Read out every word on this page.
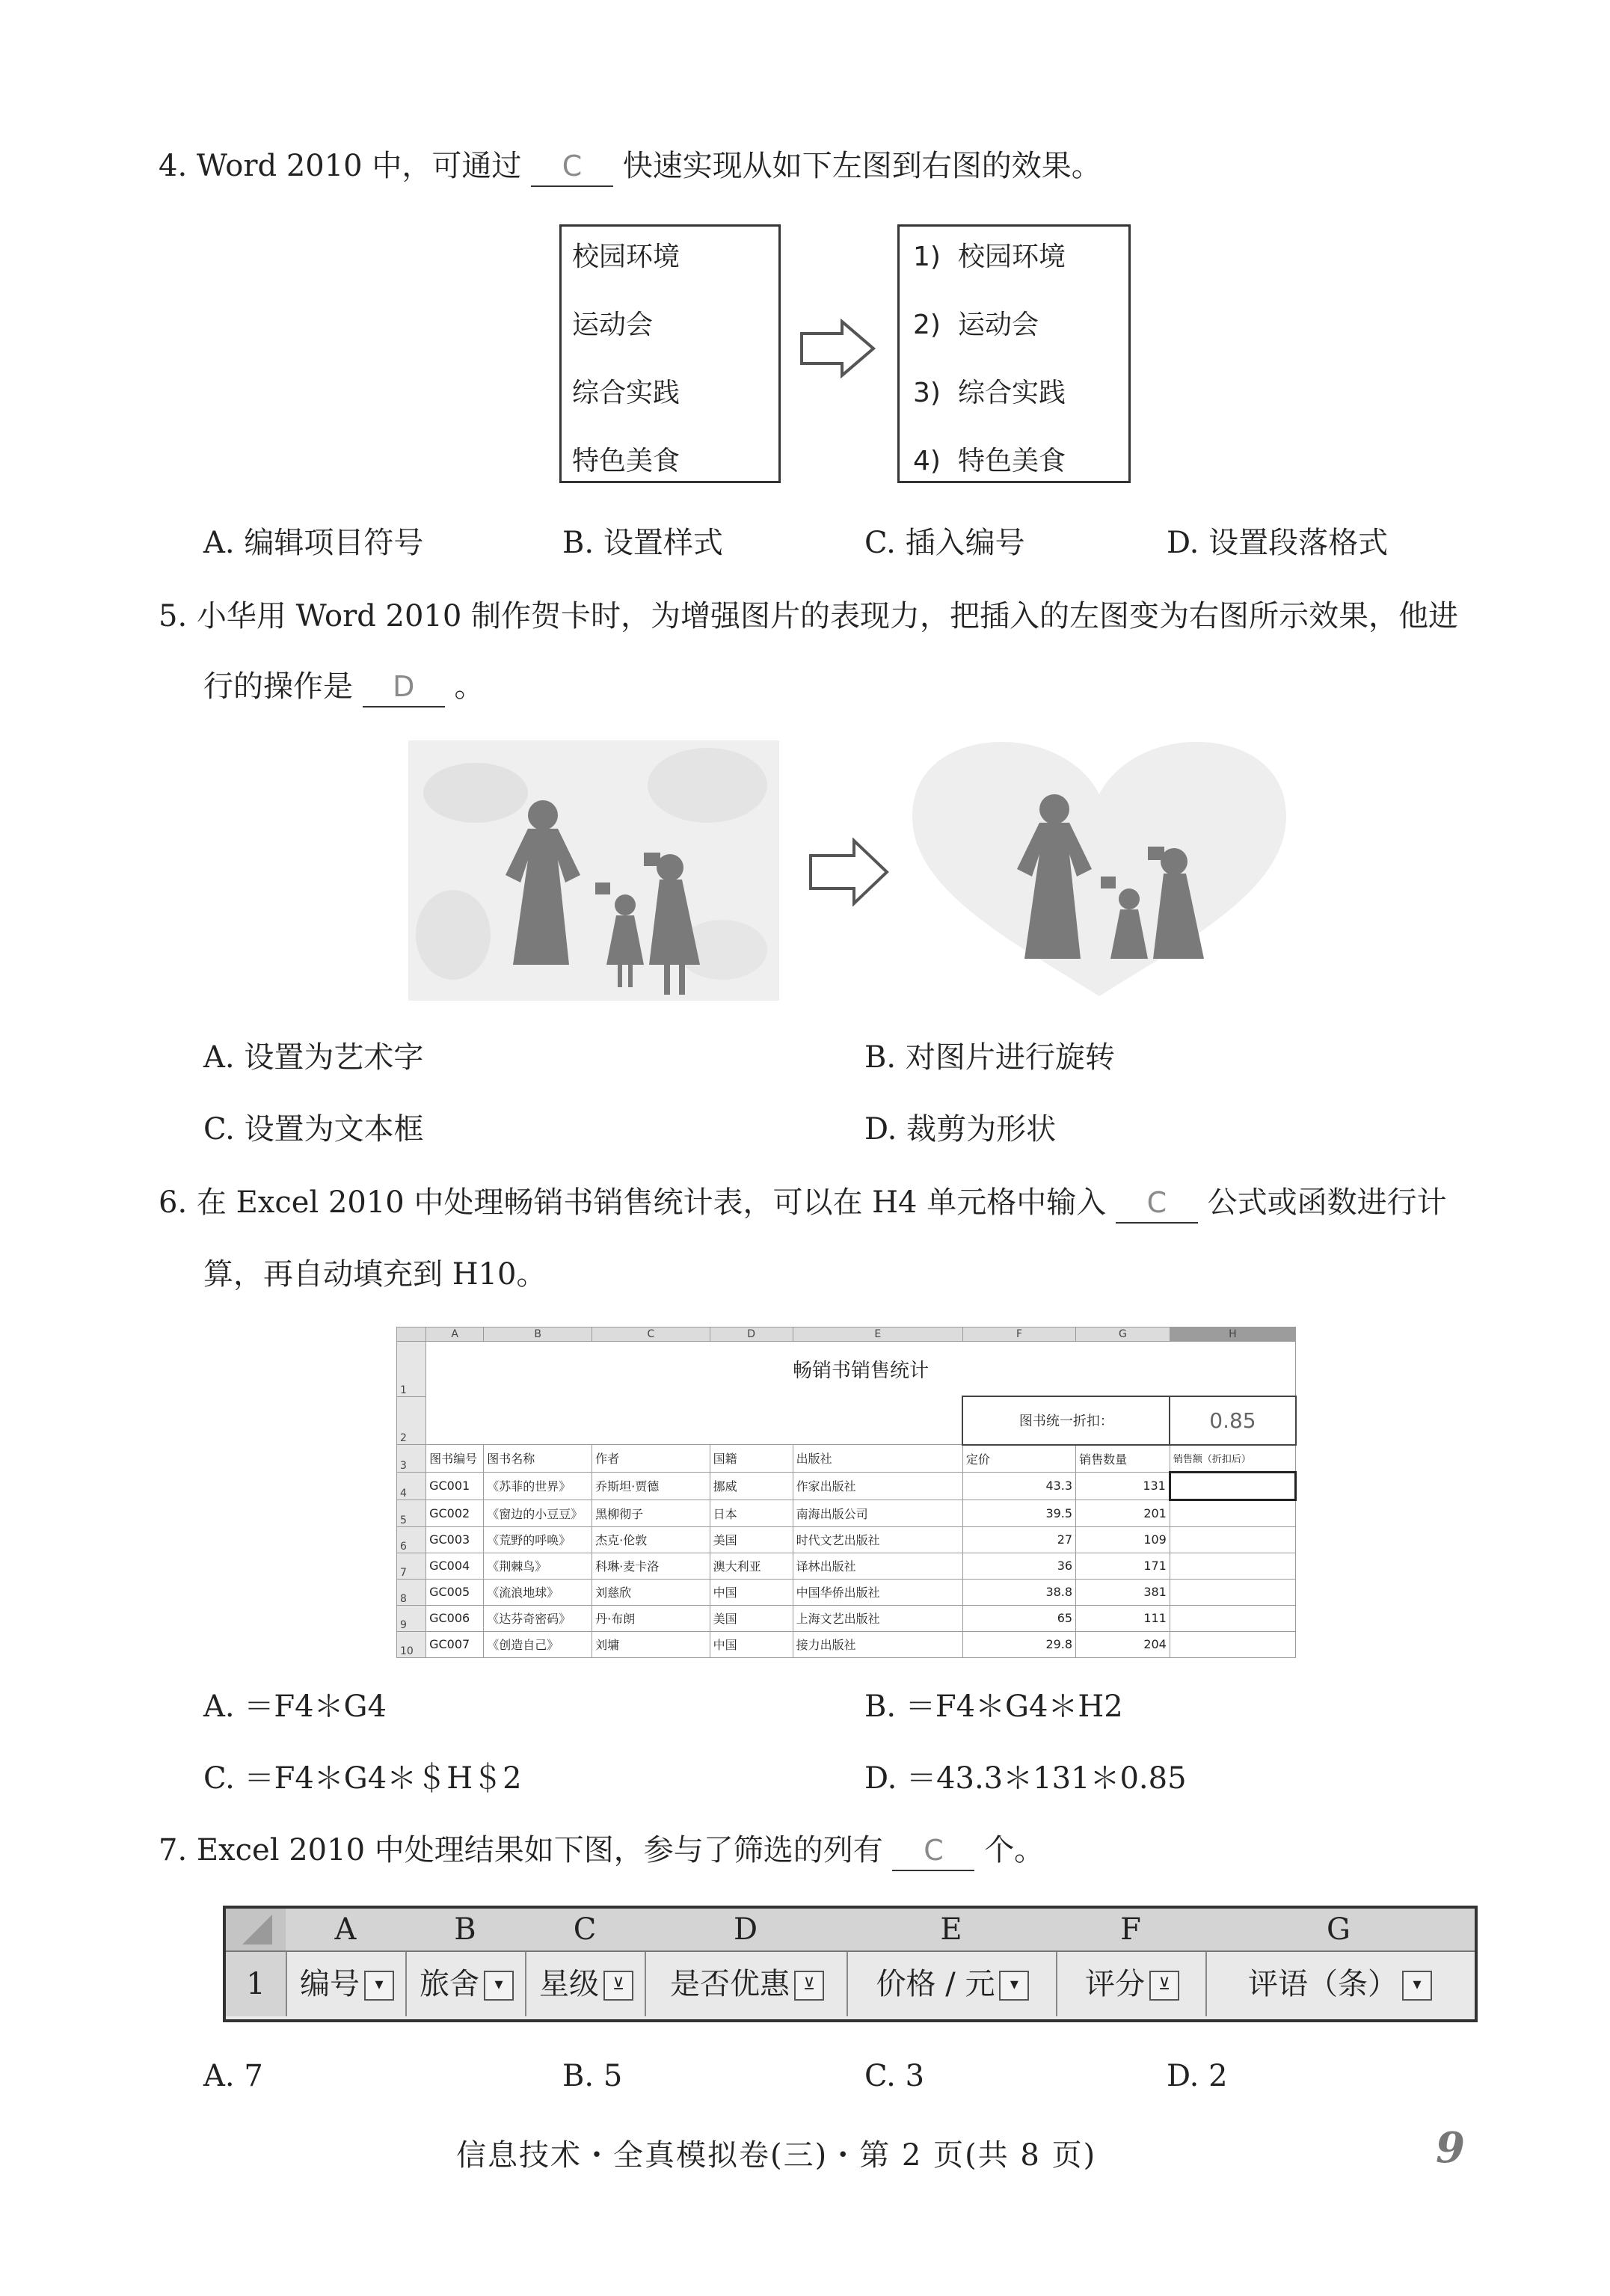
4. Word 2010 中，可通过 C 快速实现从如下左图到右图的效果。
校园环境
运动会
综合实践
特色美食
1) 校园环境
2) 运动会
3) 综合实践
4) 特色美食
A. 编辑项目符号	B. 设置样式	C. 插入编号	D. 设置段落格式
5. 小华用 Word 2010 制作贺卡时，为增强图片的表现力，把插入的左图变为右图所示效果，他进
行的操作是 D 。
A. 设置为艺术字	B. 对图片进行旋转
C. 设置为文本框	D. 裁剪为形状
6. 在 Excel 2010 中处理畅销书销售统计表，可以在 H4 单元格中输入 C 公式或函数进行计
算，再自动填充到 H10。
	A	B	C	D	E	F	G	H
1	畅销书销售统计							
2						图书统一折扣：		0.85
3	图书编号	图书名称	作者	国籍	出版社	定价	销售数量	销售额（折扣后）
4	GC001	《苏菲的世界》	乔斯坦·贾德	挪威	作家出版社	43.3	131	
5	GC002	《窗边的小豆豆》	黑柳彻子	日本	南海出版公司	39.5	201	
6	GC003	《荒野的呼唤》	杰克·伦敦	美国	时代文艺出版社	27	109	
7	GC004	《荆棘鸟》	科琳·麦卡洛	澳大利亚	译林出版社	36	171	
8	GC005	《流浪地球》	刘慈欣	中国	中国华侨出版社	38.8	381	
9	GC006	《达芬奇密码》	丹·布朗	美国	上海文艺出版社	65	111	
10	GC007	《创造自己》	刘墉	中国	接力出版社	29.8	204	
A. ＝F4＊G4	B. ＝F4＊G4＊H2
C. ＝F4＊G4＊＄H＄2	D. ＝43.3＊131＊0.85
7. Excel 2010 中处理结果如下图，参与了筛选的列有 C 个。
A	B	C	D	E	F	G
1	编号 ▾	旅舍 ▾	星级 ⊻	是否优惠 ⊻	价格 / 元 ▾	评分 ⊻	评语（条） ▾
A. 7	B. 5	C. 3	D. 2
信息技术・全真模拟卷(三)・第 2 页(共 8 页)	9
